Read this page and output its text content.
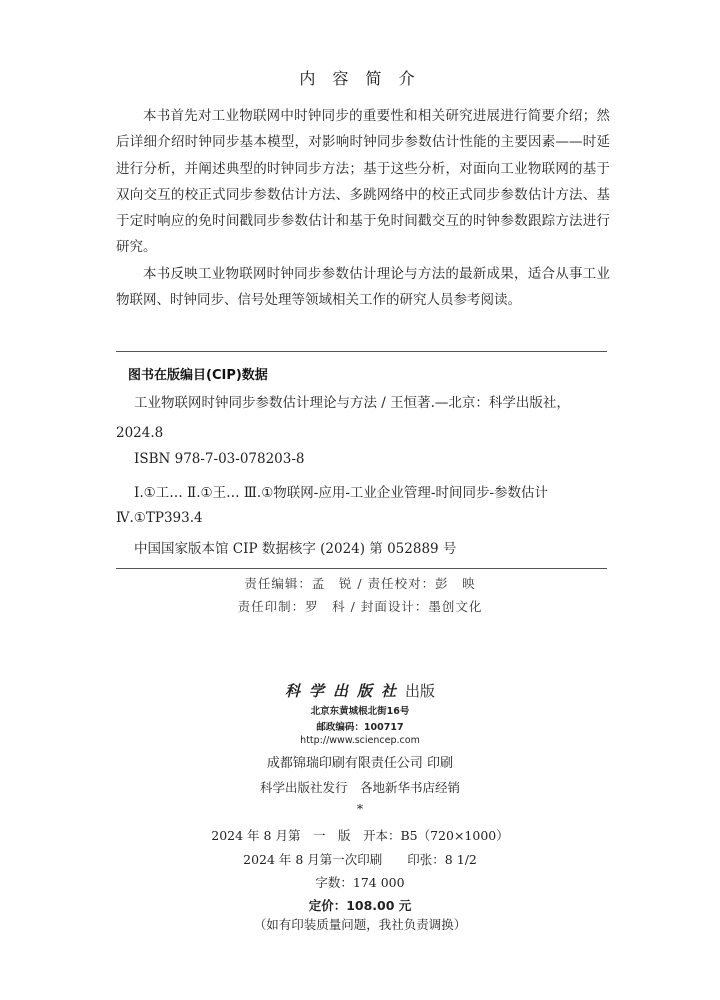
内 容 简 介

本书首先对工业物联网中时钟同步的重要性和相关研究进展进行简要介绍；然后详细介绍时钟同步基本模型，对影响时钟同步参数估计性能的主要因素——时延进行分析，并阐述典型的时钟同步方法；基于这些分析，对面向工业物联网的基于双向交互的校正式同步参数估计方法、多跳网络中的校正式同步参数估计方法、基于定时响应的免时间戳同步参数估计和基于免时间戳交互的时钟参数跟踪方法进行研究。

本书反映工业物联网时钟同步参数估计理论与方法的最新成果，适合从事工业物联网、时钟同步、信号处理等领域相关工作的研究人员参考阅读。

图书在版编目(CIP)数据
工业物联网时钟同步参数估计理论与方法 / 王恒著.—北京：科学出版社，
2024.8
ISBN 978-7-03-078203-8
Ⅰ.①工… Ⅱ.①王… Ⅲ.①物联网-应用-工业企业管理-时间同步-参数估计 Ⅳ.①TP393.4
中国国家版本馆 CIP 数据核字 (2024) 第 052889 号
责任编辑：孟　锐 / 责任校对：彭　映
责任印制：罗　科 / 封面设计：墨创文化
科学出版社出版
北京东黄城根北街16号
邮政编码：100717
http://www.sciencep.com
成都锦瑞印刷有限责任公司 印刷
科学出版社发行　各地新华书店经销
*
2024 年 8 月第　一　版　开本：B5（720×1000）
2024 年 8 月第一次印刷　　印张：8 1/2
字数：174 000
定价：108.00 元
（如有印装质量问题，我社负责调换）
